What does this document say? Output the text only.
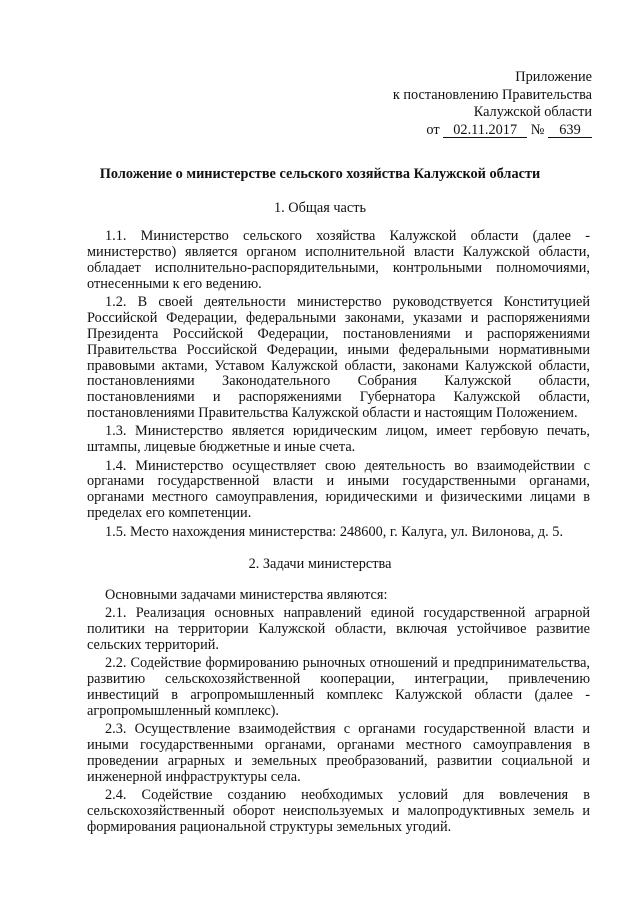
Приложение
к постановлению Правительства
Калужской области
от 02.11.2017 № 639
Положение о министерстве сельского хозяйства Калужской области
1. Общая часть

1.1. Министерство сельского хозяйства Калужской области (далее - министерство) является органом исполнительной власти Калужской области, обладает исполнительно-распорядительными, контрольными полномочиями, отнесенными к его ведению.

1.2. В своей деятельности министерство руководствуется Конституцией Российской Федерации, федеральными законами, указами и распоряжениями Президента Российской Федерации, постановлениями и распоряжениями Правительства Российской Федерации, иными федеральными нормативными правовыми актами, Уставом Калужской области, законами Калужской области, постановлениями Законодательного Собрания Калужской области, постановлениями и распоряжениями Губернатора Калужской области, постановлениями Правительства Калужской области и настоящим Положением.

1.3. Министерство является юридическим лицом, имеет гербовую печать, штампы, лицевые бюджетные и иные счета.

1.4. Министерство осуществляет свою деятельность во взаимодействии с органами государственной власти и иными государственными органами, органами местного самоуправления, юридическими и физическими лицами в пределах его компетенции.

1.5. Место нахождения министерства: 248600, г. Калуга, ул. Вилонова, д. 5.

2. Задачи министерства

Основными задачами министерства являются:

2.1. Реализация основных направлений единой государственной аграрной политики на территории Калужской области, включая устойчивое развитие сельских территорий.

2.2. Содействие формированию рыночных отношений и предпринимательства, развитию сельскохозяйственной кооперации, интеграции, привлечению инвестиций в агропромышленный комплекс Калужской области (далее - агропромышленный комплекс).

2.3. Осуществление взаимодействия с органами государственной власти и иными государственными органами, органами местного самоуправления в проведении аграрных и земельных преобразований, развитии социальной и инженерной инфраструктуры села.

2.4. Содействие созданию необходимых условий для вовлечения в сельскохозяйственный оборот неиспользуемых и малопродуктивных земель и формирования рациональной структуры земельных угодий.
